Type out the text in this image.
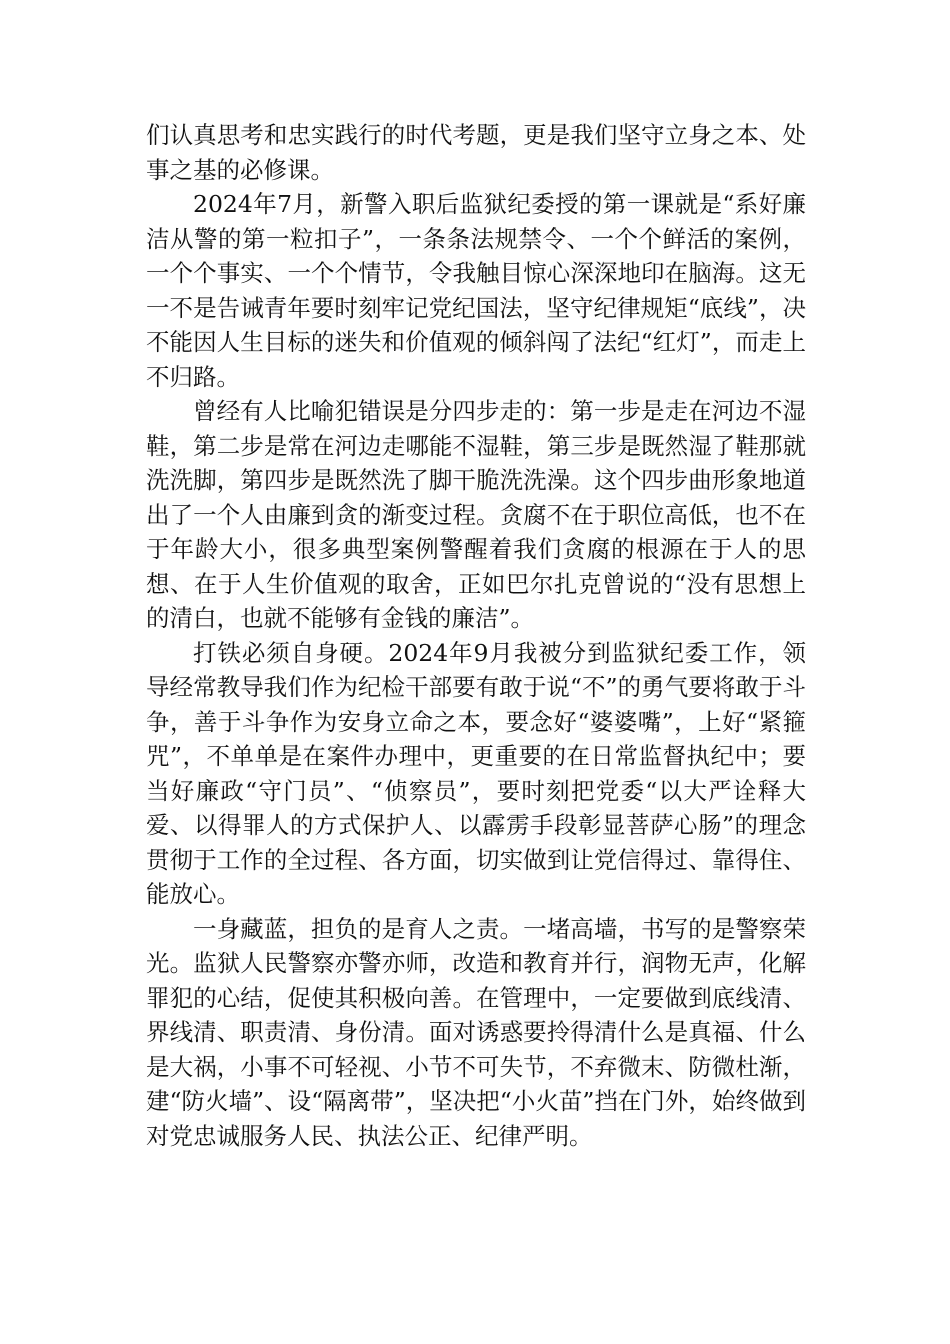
们认真思考和忠实践行的时代考题，更是我们坚守立身之本、处事之基的必修课。

2024年7月，新警入职后监狱纪委授的第一课就是“系好廉洁从警的第一粒扣子”，一条条法规禁令、一个个鲜活的案例，一个个事实、一个个情节，令我触目惊心深深地印在脑海。这无一不是告诫青年要时刻牢记党纪国法，坚守纪律规矩“底线”，决不能因人生目标的迷失和价值观的倾斜闯了法纪“红灯”，而走上不归路。

曾经有人比喻犯错误是分四步走的：第一步是走在河边不湿鞋，第二步是常在河边走哪能不湿鞋，第三步是既然湿了鞋那就洗洗脚，第四步是既然洗了脚干脆洗洗澡。这个四步曲形象地道出了一个人由廉到贪的渐变过程。贪腐不在于职位高低，也不在于年龄大小，很多典型案例警醒着我们贪腐的根源在于人的思想、在于人生价值观的取舍，正如巴尔扎克曾说的“没有思想上的清白，也就不能够有金钱的廉洁”。

打铁必须自身硬。2024年9月我被分到监狱纪委工作，领导经常教导我们作为纪检干部要有敢于说“不”的勇气要将敢于斗争，善于斗争作为安身立命之本，要念好“婆婆嘴”，上好“紧箍咒”，不单单是在案件办理中，更重要的在日常监督执纪中；要当好廉政“守门员”、“侦察员”，要时刻把党委“以大严诠释大爱、以得罪人的方式保护人、以霹雳手段彰显菩萨心肠”的理念贯彻于工作的全过程、各方面，切实做到让党信得过、靠得住、能放心。

一身藏蓝，担负的是育人之责。一堵高墙，书写的是警察荣光。监狱人民警察亦警亦师，改造和教育并行，润物无声，化解罪犯的心结，促使其积极向善。在管理中，一定要做到底线清、界线清、职责清、身份清。面对诱惑要拎得清什么是真福、什么是大祸，小事不可轻视、小节不可失节，不弃微末、防微杜渐，建“防火墙”、设“隔离带”，坚决把“小火苗”挡在门外，始终做到对党忠诚服务人民、执法公正、纪律严明。
